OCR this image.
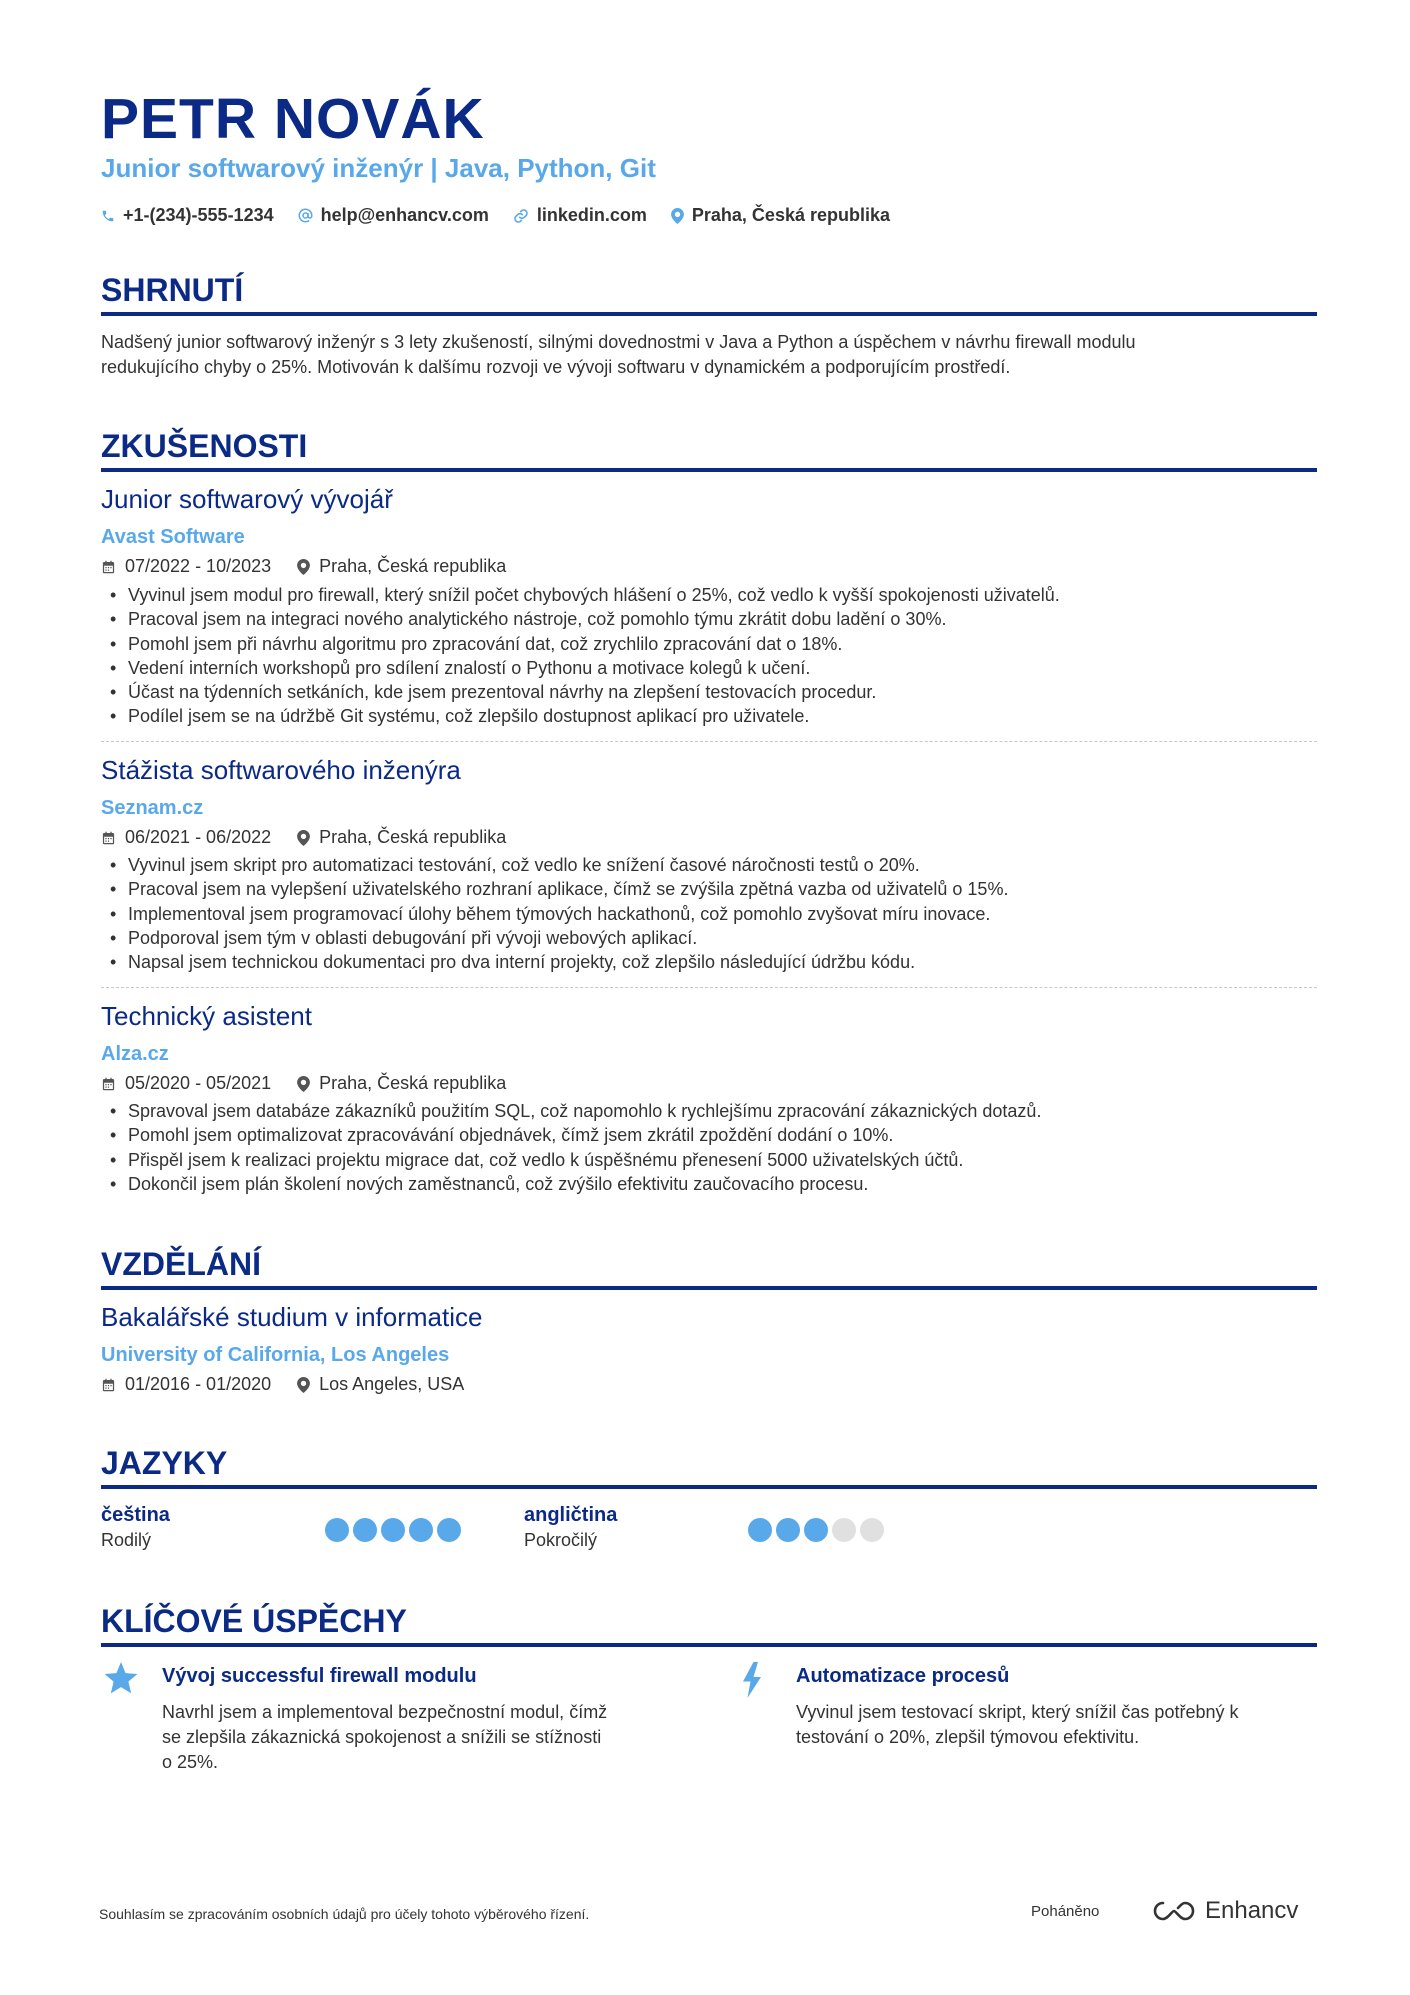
PETR NOVÁK
Junior softwarový inženýr | Java, Python, Git
+1-(234)-555-1234	help@enhancv.com	linkedin.com	Praha, Česká republika
SHRNUTÍ
Nadšený junior softwarový inženýr s 3 lety zkušeností, silnými dovednostmi v Java a Python a úspěchem v návrhu firewall modulu
redukujícího chyby o 25%. Motivován k dalšímu rozvoji ve vývoji softwaru v dynamickém a podporujícím prostředí.
ZKUŠENOSTI
Junior softwarový vývojář
Avast Software
07/2022 - 10/2023	Praha, Česká republika
• Vyvinul jsem modul pro firewall, který snížil počet chybových hlášení o 25%, což vedlo k vyšší spokojenosti uživatelů.
• Pracoval jsem na integraci nového analytického nástroje, což pomohlo týmu zkrátit dobu ladění o 30%.
• Pomohl jsem při návrhu algoritmu pro zpracování dat, což zrychlilo zpracování dat o 18%.
• Vedení interních workshopů pro sdílení znalostí o Pythonu a motivace kolegů k učení.
• Účast na týdenních setkáních, kde jsem prezentoval návrhy na zlepšení testovacích procedur.
• Podílel jsem se na údržbě Git systému, což zlepšilo dostupnost aplikací pro uživatele.
Stážista softwarového inženýra
Seznam.cz
06/2021 - 06/2022	Praha, Česká republika
• Vyvinul jsem skript pro automatizaci testování, což vedlo ke snížení časové náročnosti testů o 20%.
• Pracoval jsem na vylepšení uživatelského rozhraní aplikace, čímž se zvýšila zpětná vazba od uživatelů o 15%.
• Implementoval jsem programovací úlohy během týmových hackathonů, což pomohlo zvyšovat míru inovace.
• Podporoval jsem tým v oblasti debugování při vývoji webových aplikací.
• Napsal jsem technickou dokumentaci pro dva interní projekty, což zlepšilo následující údržbu kódu.
Technický asistent
Alza.cz
05/2020 - 05/2021	Praha, Česká republika
• Spravoval jsem databáze zákazníků použitím SQL, což napomohlo k rychlejšímu zpracování zákaznických dotazů.
• Pomohl jsem optimalizovat zpracovávání objednávek, čímž jsem zkrátil zpoždění dodání o 10%.
• Přispěl jsem k realizaci projektu migrace dat, což vedlo k úspěšnému přenesení 5000 uživatelských účtů.
• Dokončil jsem plán školení nových zaměstnanců, což zvýšilo efektivitu zaučovacího procesu.
VZDĚLÁNÍ
Bakalářské studium v informatice
University of California, Los Angeles
01/2016 - 01/2020	Los Angeles, USA
JAZYKY
čeština
Rodilý
angličtina
Pokročilý
KLÍČOVÉ ÚSPĚCHY
Vývoj successful firewall modulu
Navrhl jsem a implementoval bezpečnostní modul, čímž
se zlepšila zákaznická spokojenost a snížili se stížnosti
o 25%.
Automatizace procesů
Vyvinul jsem testovací skript, který snížil čas potřebný k
testování o 20%, zlepšil týmovou efektivitu.
Souhlasím se zpracováním osobních údajů pro účely tohoto výběrového řízení.	Poháněno	Enhancv
